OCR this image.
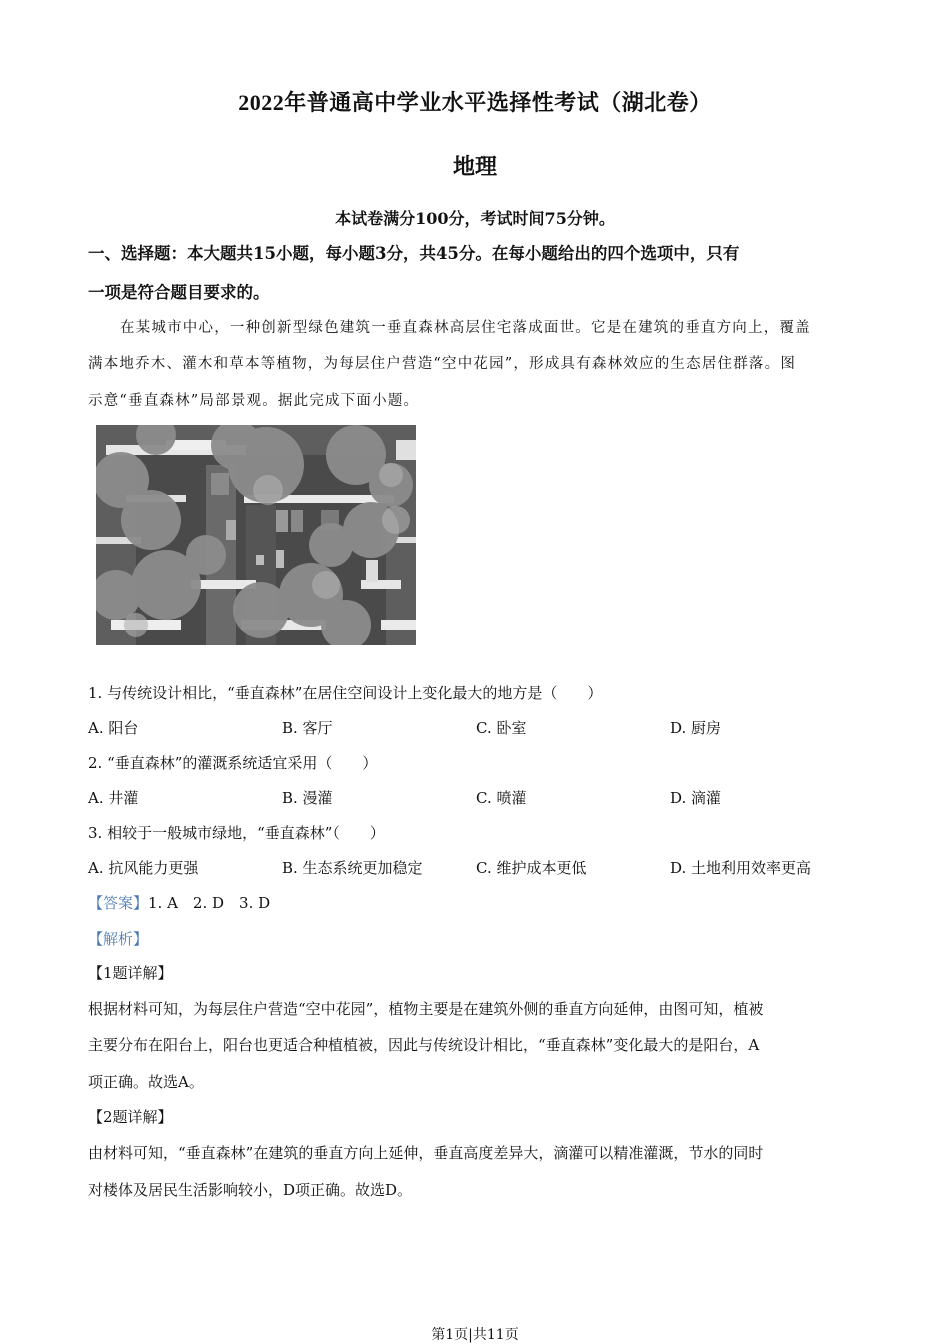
2022年普通高中学业水平选择性考试（湖北卷）
地理
本试卷满分100分，考试时间75分钟。
一、选择题：本大题共15小题，每小题3分，共45分。在每小题给出的四个选项中，只有
一项是符合题目要求的。
在某城市中心，一种创新型绿色建筑一垂直森林高层住宅落成面世。它是在建筑的垂直方向上，覆盖
满本地乔木、灌木和草本等植物，为每层住户营造“空中花园”，形成具有森林效应的生态居住群落。图
示意“垂直森林”局部景观。据此完成下面小题。
1. 与传统设计相比，“垂直森林”在居住空间设计上变化最大的地方是（　　）
A. 阳台	B. 客厅	C. 卧室	D. 厨房
2. “垂直森林”的灌溉系统适宜采用（　　）
A. 井灌	B. 漫灌	C. 喷灌	D. 滴灌
3. 相较于一般城市绿地，“垂直森林”（　　）
A. 抗风能力更强	B. 生态系统更加稳定	C. 维护成本更低	D. 土地利用效率更高
【答案】1. A　2. D　3. D
【解析】
【1题详解】
根据材料可知，为每层住户营造“空中花园”，植物主要是在建筑外侧的垂直方向延伸，由图可知，植被
主要分布在阳台上，阳台也更适合种植植被，因此与传统设计相比，“垂直森林”变化最大的是阳台，A
项正确。故选A。
【2题详解】
由材料可知，“垂直森林”在建筑的垂直方向上延伸，垂直高度差异大，滴灌可以精准灌溉，节水的同时
对楼体及居民生活影响较小，D项正确。故选D。
第1页|共11页
